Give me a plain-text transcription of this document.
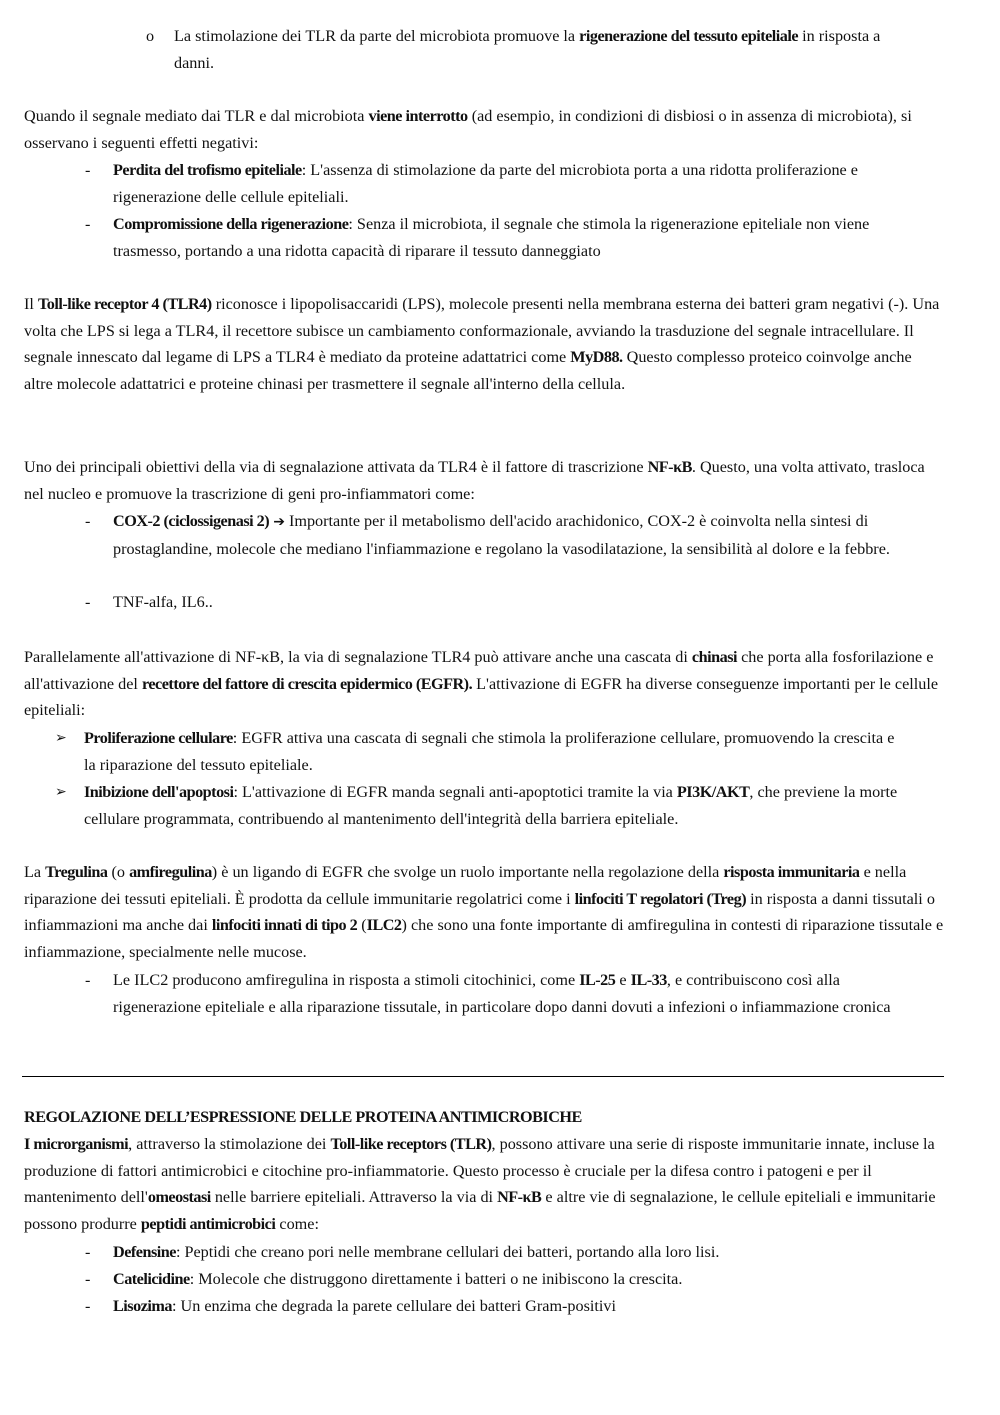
o La stimolazione dei TLR da parte del microbiota promuove la rigenerazione del tessuto epiteliale in risposta a danni.

Quando il segnale mediato dai TLR e dal microbiota viene interrotto (ad esempio, in condizioni di disbiosi o in assenza di microbiota), si osservano i seguenti effetti negativi:

- Perdita del trofismo epiteliale: L'assenza di stimolazione da parte del microbiota porta a una ridotta proliferazione e rigenerazione delle cellule epiteliali.

- Compromissione della rigenerazione: Senza il microbiota, il segnale che stimola la rigenerazione epiteliale non viene trasmesso, portando a una ridotta capacità di riparare il tessuto danneggiato

Il Toll-like receptor 4 (TLR4) riconosce i lipopolisaccaridi (LPS), molecole presenti nella membrana esterna dei batteri gram negativi (-). Una volta che LPS si lega a TLR4, il recettore subisce un cambiamento conformazionale, avviando la trasduzione del segnale intracellulare. Il segnale innescato dal legame di LPS a TLR4 è mediato da proteine adattatrici come MyD88. Questo complesso proteico coinvolge anche altre molecole adattatrici e proteine chinasi per trasmettere il segnale all'interno della cellula.

Uno dei principali obiettivi della via di segnalazione attivata da TLR4 è il fattore di trascrizione NF-κB. Questo, una volta attivato, trasloca nel nucleo e promuove la trascrizione di geni pro-infiammatori come:

- COX-2 (ciclossigenasi 2) ➔ Importante per il metabolismo dell'acido arachidonico, COX-2 è coinvolta nella sintesi di prostaglandine, molecole che mediano l'infiammazione e regolano la vasodilatazione, la sensibilità al dolore e la febbre.

- TNF-alfa, IL6..

Parallelamente all'attivazione di NF-κB, la via di segnalazione TLR4 può attivare anche una cascata di chinasi che porta alla fosforilazione e all'attivazione del recettore del fattore di crescita epidermico (EGFR). L'attivazione di EGFR ha diverse conseguenze importanti per le cellule epiteliali:

➢ Proliferazione cellulare: EGFR attiva una cascata di segnali che stimola la proliferazione cellulare, promuovendo la crescita e la riparazione del tessuto epiteliale.

➢ Inibizione dell'apoptosi: L'attivazione di EGFR manda segnali anti-apoptotici tramite la via PI3K/AKT, che previene la morte cellulare programmata, contribuendo al mantenimento dell'integrità della barriera epiteliale.

La Tregulina (o amfiregulina) è un ligando di EGFR che svolge un ruolo importante nella regolazione della risposta immunitaria e nella riparazione dei tessuti epiteliali. È prodotta da cellule immunitarie regolatrici come i linfociti T regolatori (Treg) in risposta a danni tissutali o infiammazioni ma anche dai linfociti innati di tipo 2 (ILC2) che sono una fonte importante di amfiregulina in contesti di riparazione tissutale e infiammazione, specialmente nelle mucose.

- Le ILC2 producono amfiregulina in risposta a stimoli citochinici, come IL-25 e IL-33, e contribuiscono così alla rigenerazione epiteliale e alla riparazione tissutale, in particolare dopo danni dovuti a infezioni o infiammazione cronica

REGOLAZIONE DELL’ESPRESSIONE DELLE PROTEINA ANTIMICROBICHE

I microrganismi, attraverso la stimolazione dei Toll-like receptors (TLR), possono attivare una serie di risposte immunitarie innate, incluse la produzione di fattori antimicrobici e citochine pro-infiammatorie. Questo processo è cruciale per la difesa contro i patogeni e per il mantenimento dell'omeostasi nelle barriere epiteliali. Attraverso la via di NF-κB e altre vie di segnalazione, le cellule epiteliali e immunitarie possono produrre peptidi antimicrobici come:

- Defensine: Peptidi che creano pori nelle membrane cellulari dei batteri, portando alla loro lisi.

- Catelicidine: Molecole che distruggono direttamente i batteri o ne inibiscono la crescita.

- Lisozima: Un enzima che degrada la parete cellulare dei batteri Gram-positivi
